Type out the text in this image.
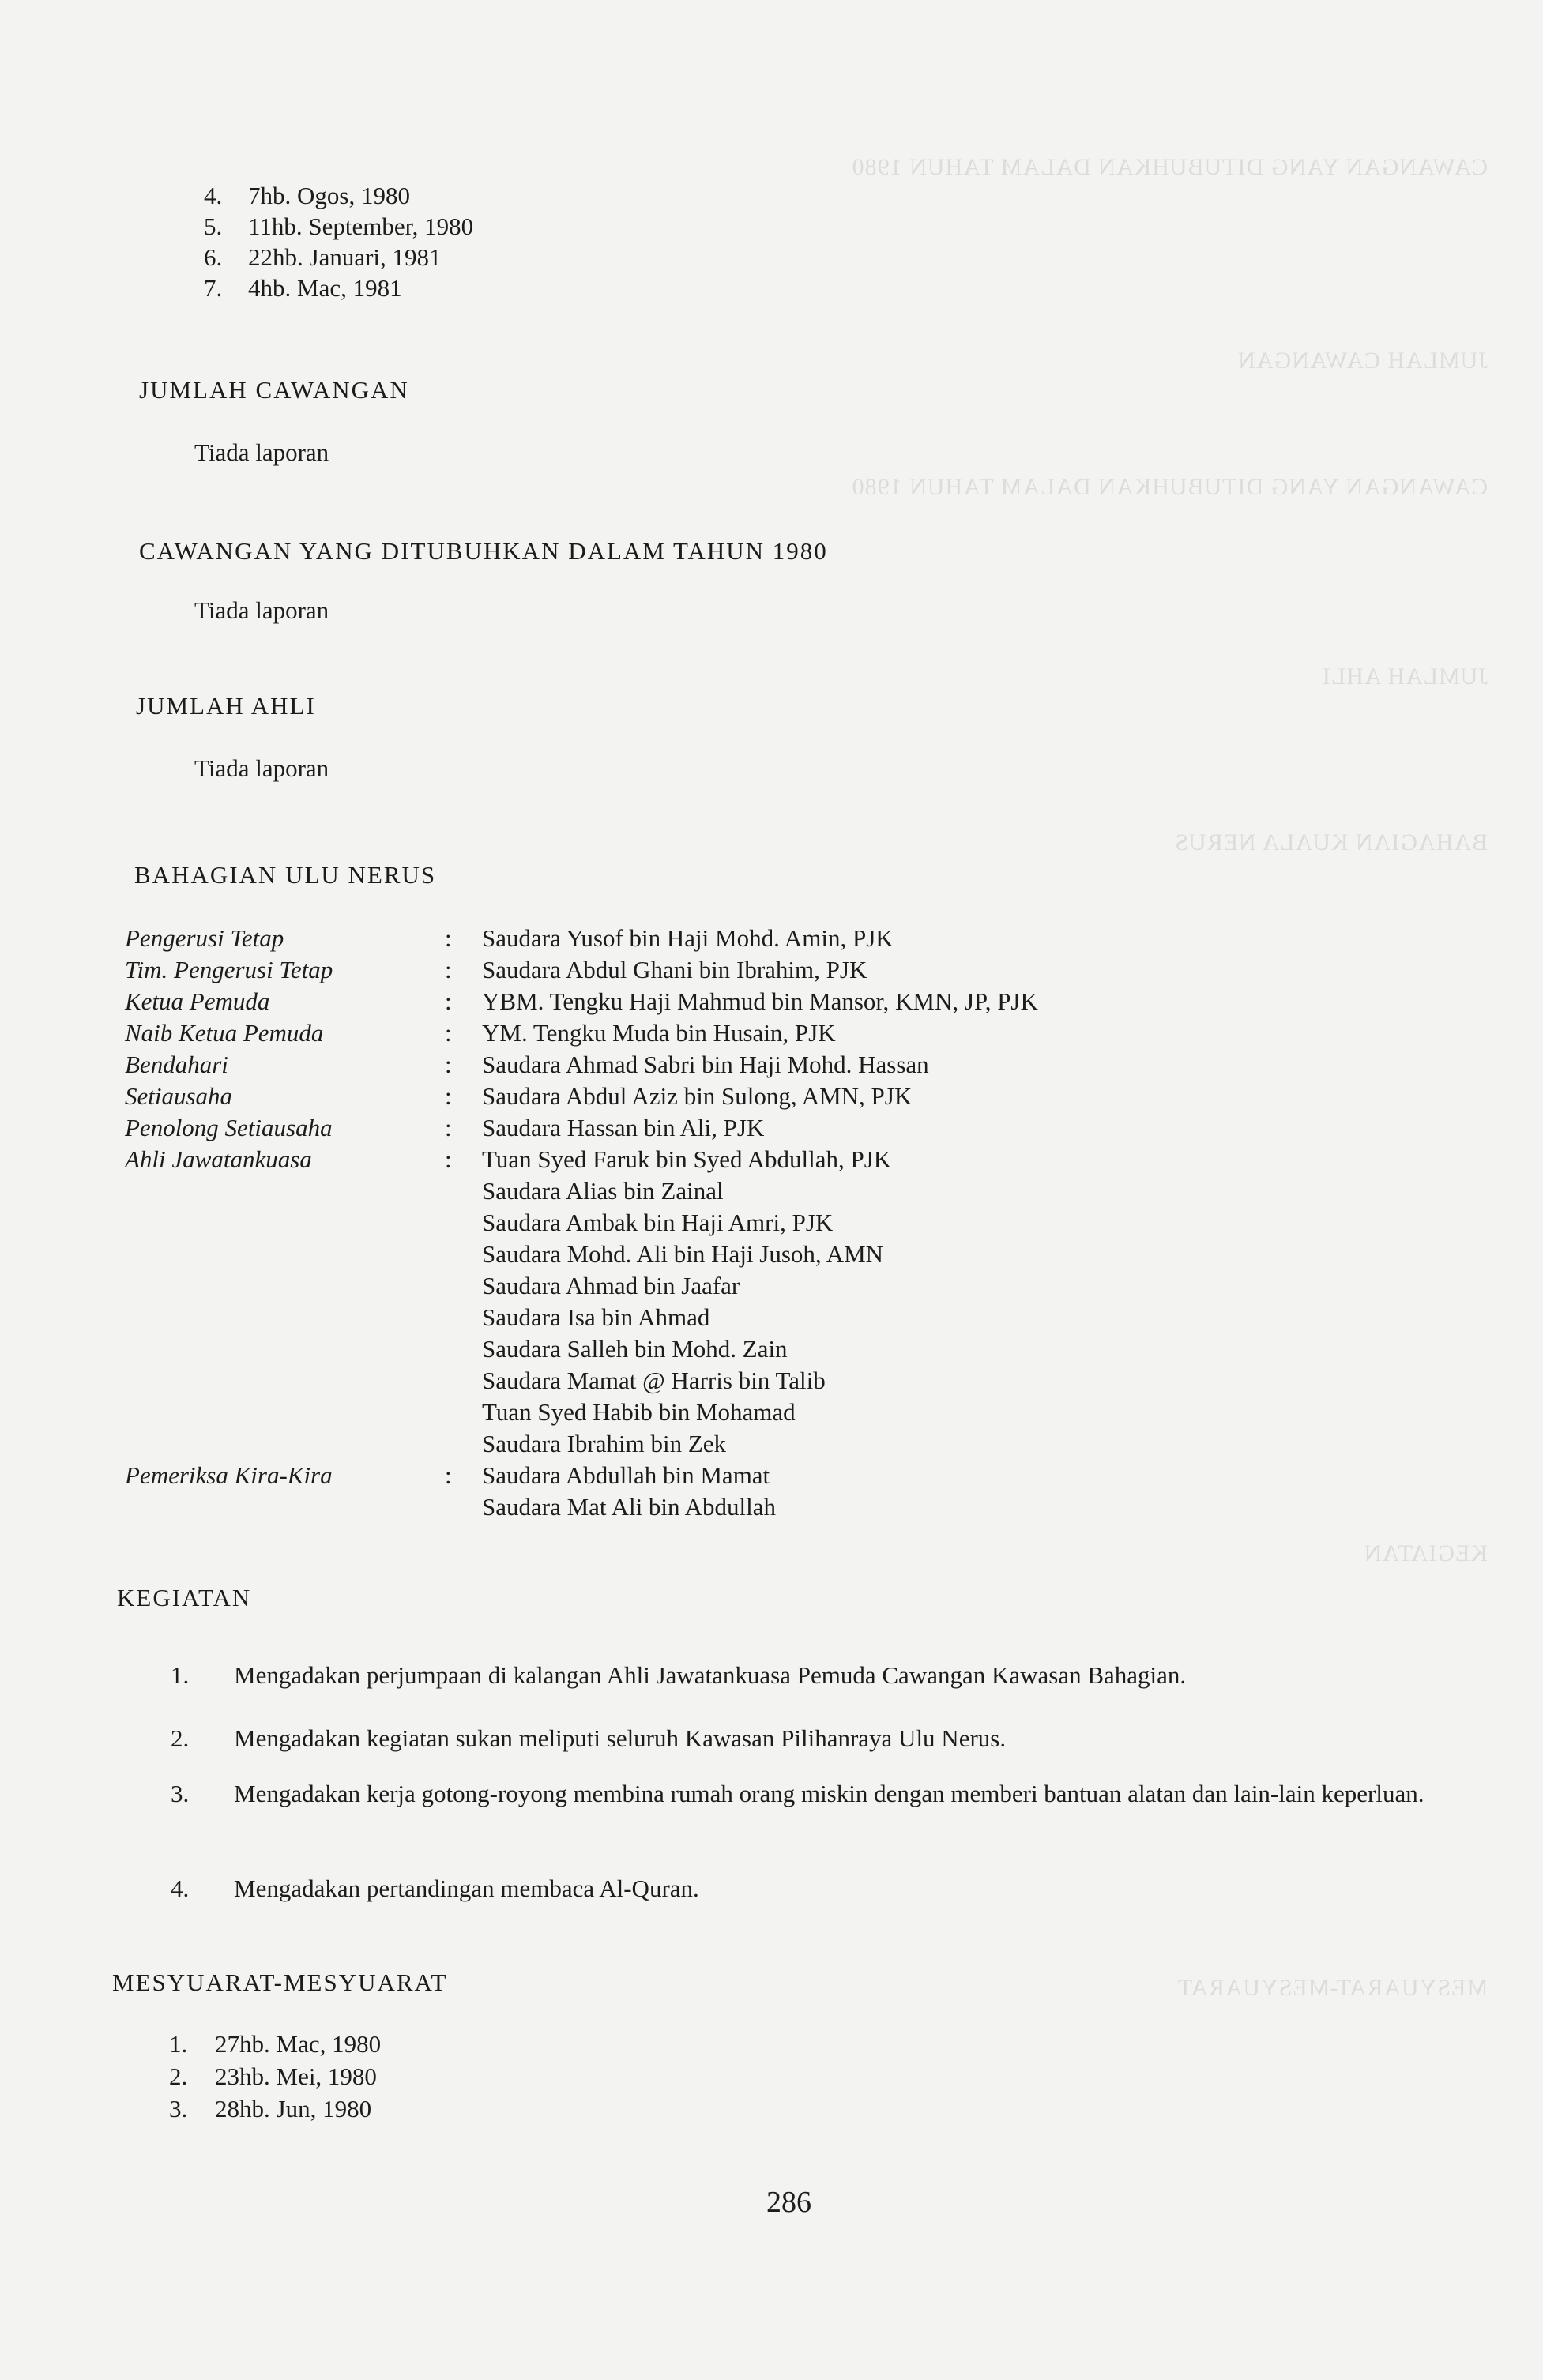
CAWANGAN YANG DITUBUHKAN DALAM TAHUN 1980
JUMLAH CAWANGAN
CAWANGAN YANG DITUBUHKAN DALAM TAHUN 1980
JUMLAH AHLI
BAHAGIAN KUALA NERUS
KEGIATAN
MESYUARAT-MESYUARAT
4. 7hb. Ogos, 1980
5. 11hb. September, 1980
6. 22hb. Januari, 1981
7. 4hb. Mac, 1981
JUMLAH CAWANGAN
Tiada laporan
CAWANGAN YANG DITUBUHKAN DALAM TAHUN 1980
Tiada laporan
JUMLAH AHLI
Tiada laporan
BAHAGIAN ULU NERUS
Pengerusi Tetap	: Saudara Yusof bin Haji Mohd. Amin, PJK
Tim. Pengerusi Tetap	: Saudara Abdul Ghani bin Ibrahim, PJK
Ketua Pemuda	: YBM. Tengku Haji Mahmud bin Mansor, KMN, JP, PJK
Naib Ketua Pemuda	: YM. Tengku Muda bin Husain, PJK
Bendahari	: Saudara Ahmad Sabri bin Haji Mohd. Hassan
Setiausaha	: Saudara Abdul Aziz bin Sulong, AMN, PJK
Penolong Setiausaha	: Saudara Hassan bin Ali, PJK
Ahli Jawatankuasa	: Tuan Syed Faruk bin Syed Abdullah, PJK
Saudara Alias bin Zainal
Saudara Ambak bin Haji Amri, PJK
Saudara Mohd. Ali bin Haji Jusoh, AMN
Saudara Ahmad bin Jaafar
Saudara Isa bin Ahmad
Saudara Salleh bin Mohd. Zain
Saudara Mamat @ Harris bin Talib
Tuan Syed Habib bin Mohamad
Saudara Ibrahim bin Zek
Pemeriksa Kira-Kira	: Saudara Abdullah bin Mamat
Saudara Mat Ali bin Abdullah
KEGIATAN
1. Mengadakan perjumpaan di kalangan Ahli Jawatankuasa Pemuda Cawangan Kawasan Bahagian.
2. Mengadakan kegiatan sukan meliputi seluruh Kawasan Pilihanraya Ulu Nerus.
3. Mengadakan kerja gotong-royong membina rumah orang miskin dengan memberi bantuan alatan dan lain-lain keperluan.
4. Mengadakan pertandingan membaca Al-Quran.
MESYUARAT-MESYUARAT
1. 27hb. Mac, 1980
2. 23hb. Mei, 1980
3. 28hb. Jun, 1980
286
